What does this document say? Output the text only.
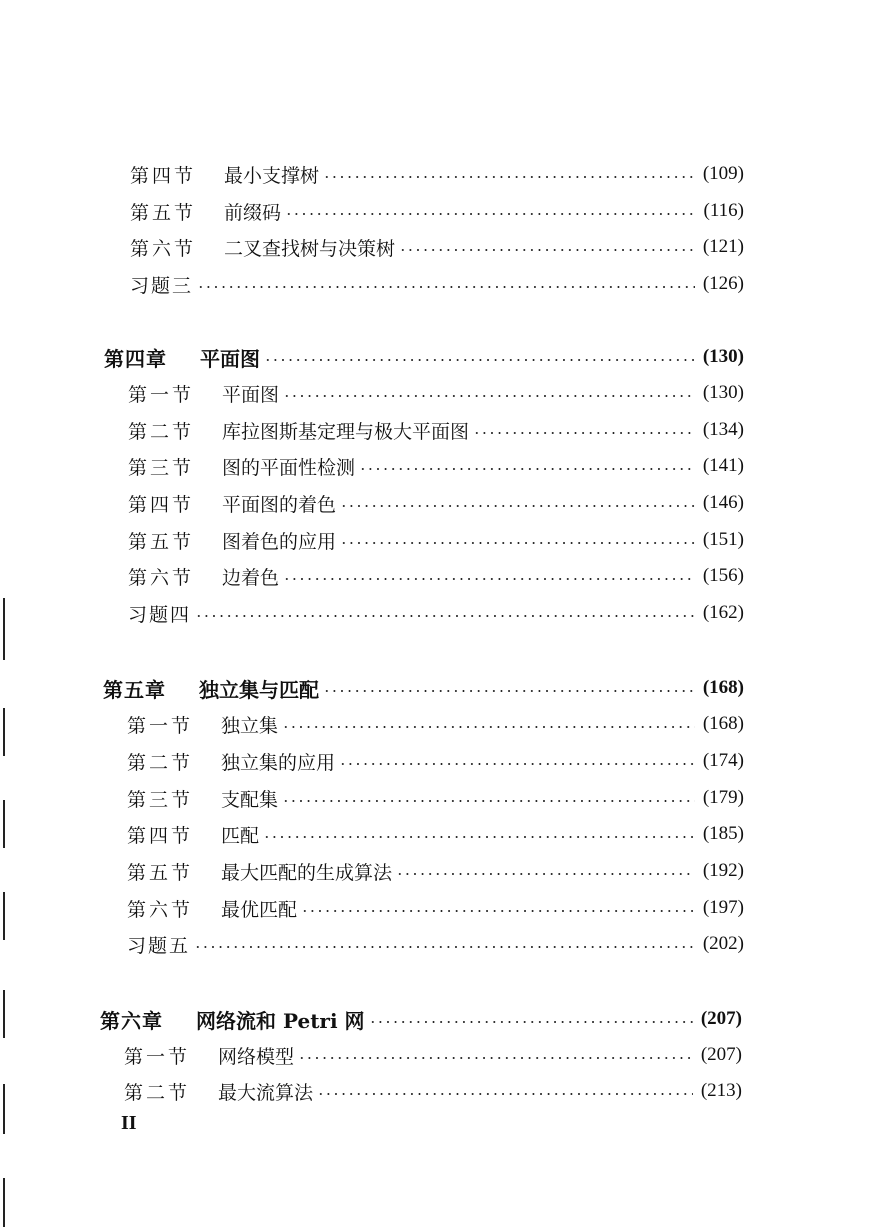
第四节	最小支撑树	(109)
第五节	前缀码	(116)
第六节	二叉查找树与决策树	(121)
习题三	(126)
第四章	平面图	(130)
第一节	平面图	(130)
第二节	库拉图斯基定理与极大平面图	(134)
第三节	图的平面性检测	(141)
第四节	平面图的着色	(146)
第五节	图着色的应用	(151)
第六节	边着色	(156)
习题四	(162)
第五章	独立集与匹配	(168)
第一节	独立集	(168)
第二节	独立集的应用	(174)
第三节	支配集	(179)
第四节	匹配	(185)
第五节	最大匹配的生成算法	(192)
第六节	最优匹配	(197)
习题五	(202)
第六章	网络流和 Petri 网	(207)
第一节	网络模型	(207)
第二节	最大流算法	(213)
II
